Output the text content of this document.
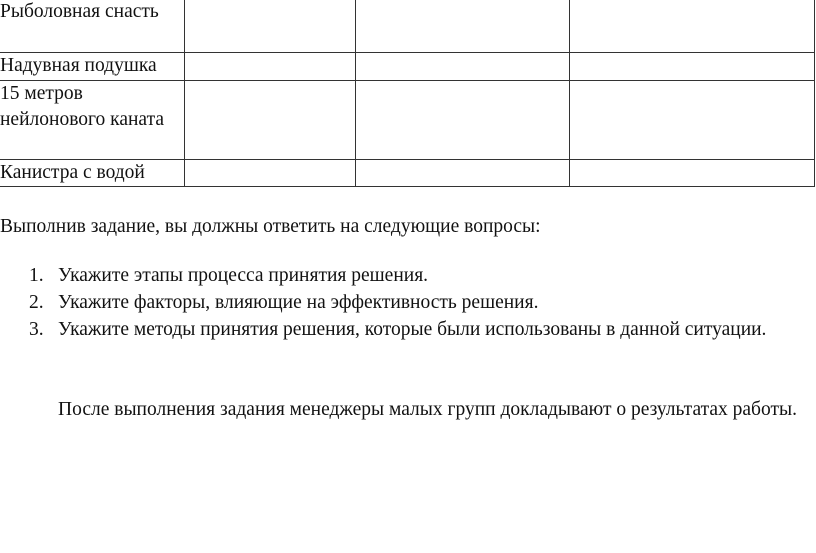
Рыболовная снасть			
Надувная подушка			
15 метров нейлонового каната			
Канистра с водой			
Выполнив задание, вы должны ответить на следующие вопросы:
1. Укажите этапы процесса принятия решения.
2. Укажите факторы, влияющие на эффективность решения.
3. Укажите методы принятия решения, которые были использованы в данной ситуации.

После выполнения задания менеджеры малых групп докладывают о результатах работы.
